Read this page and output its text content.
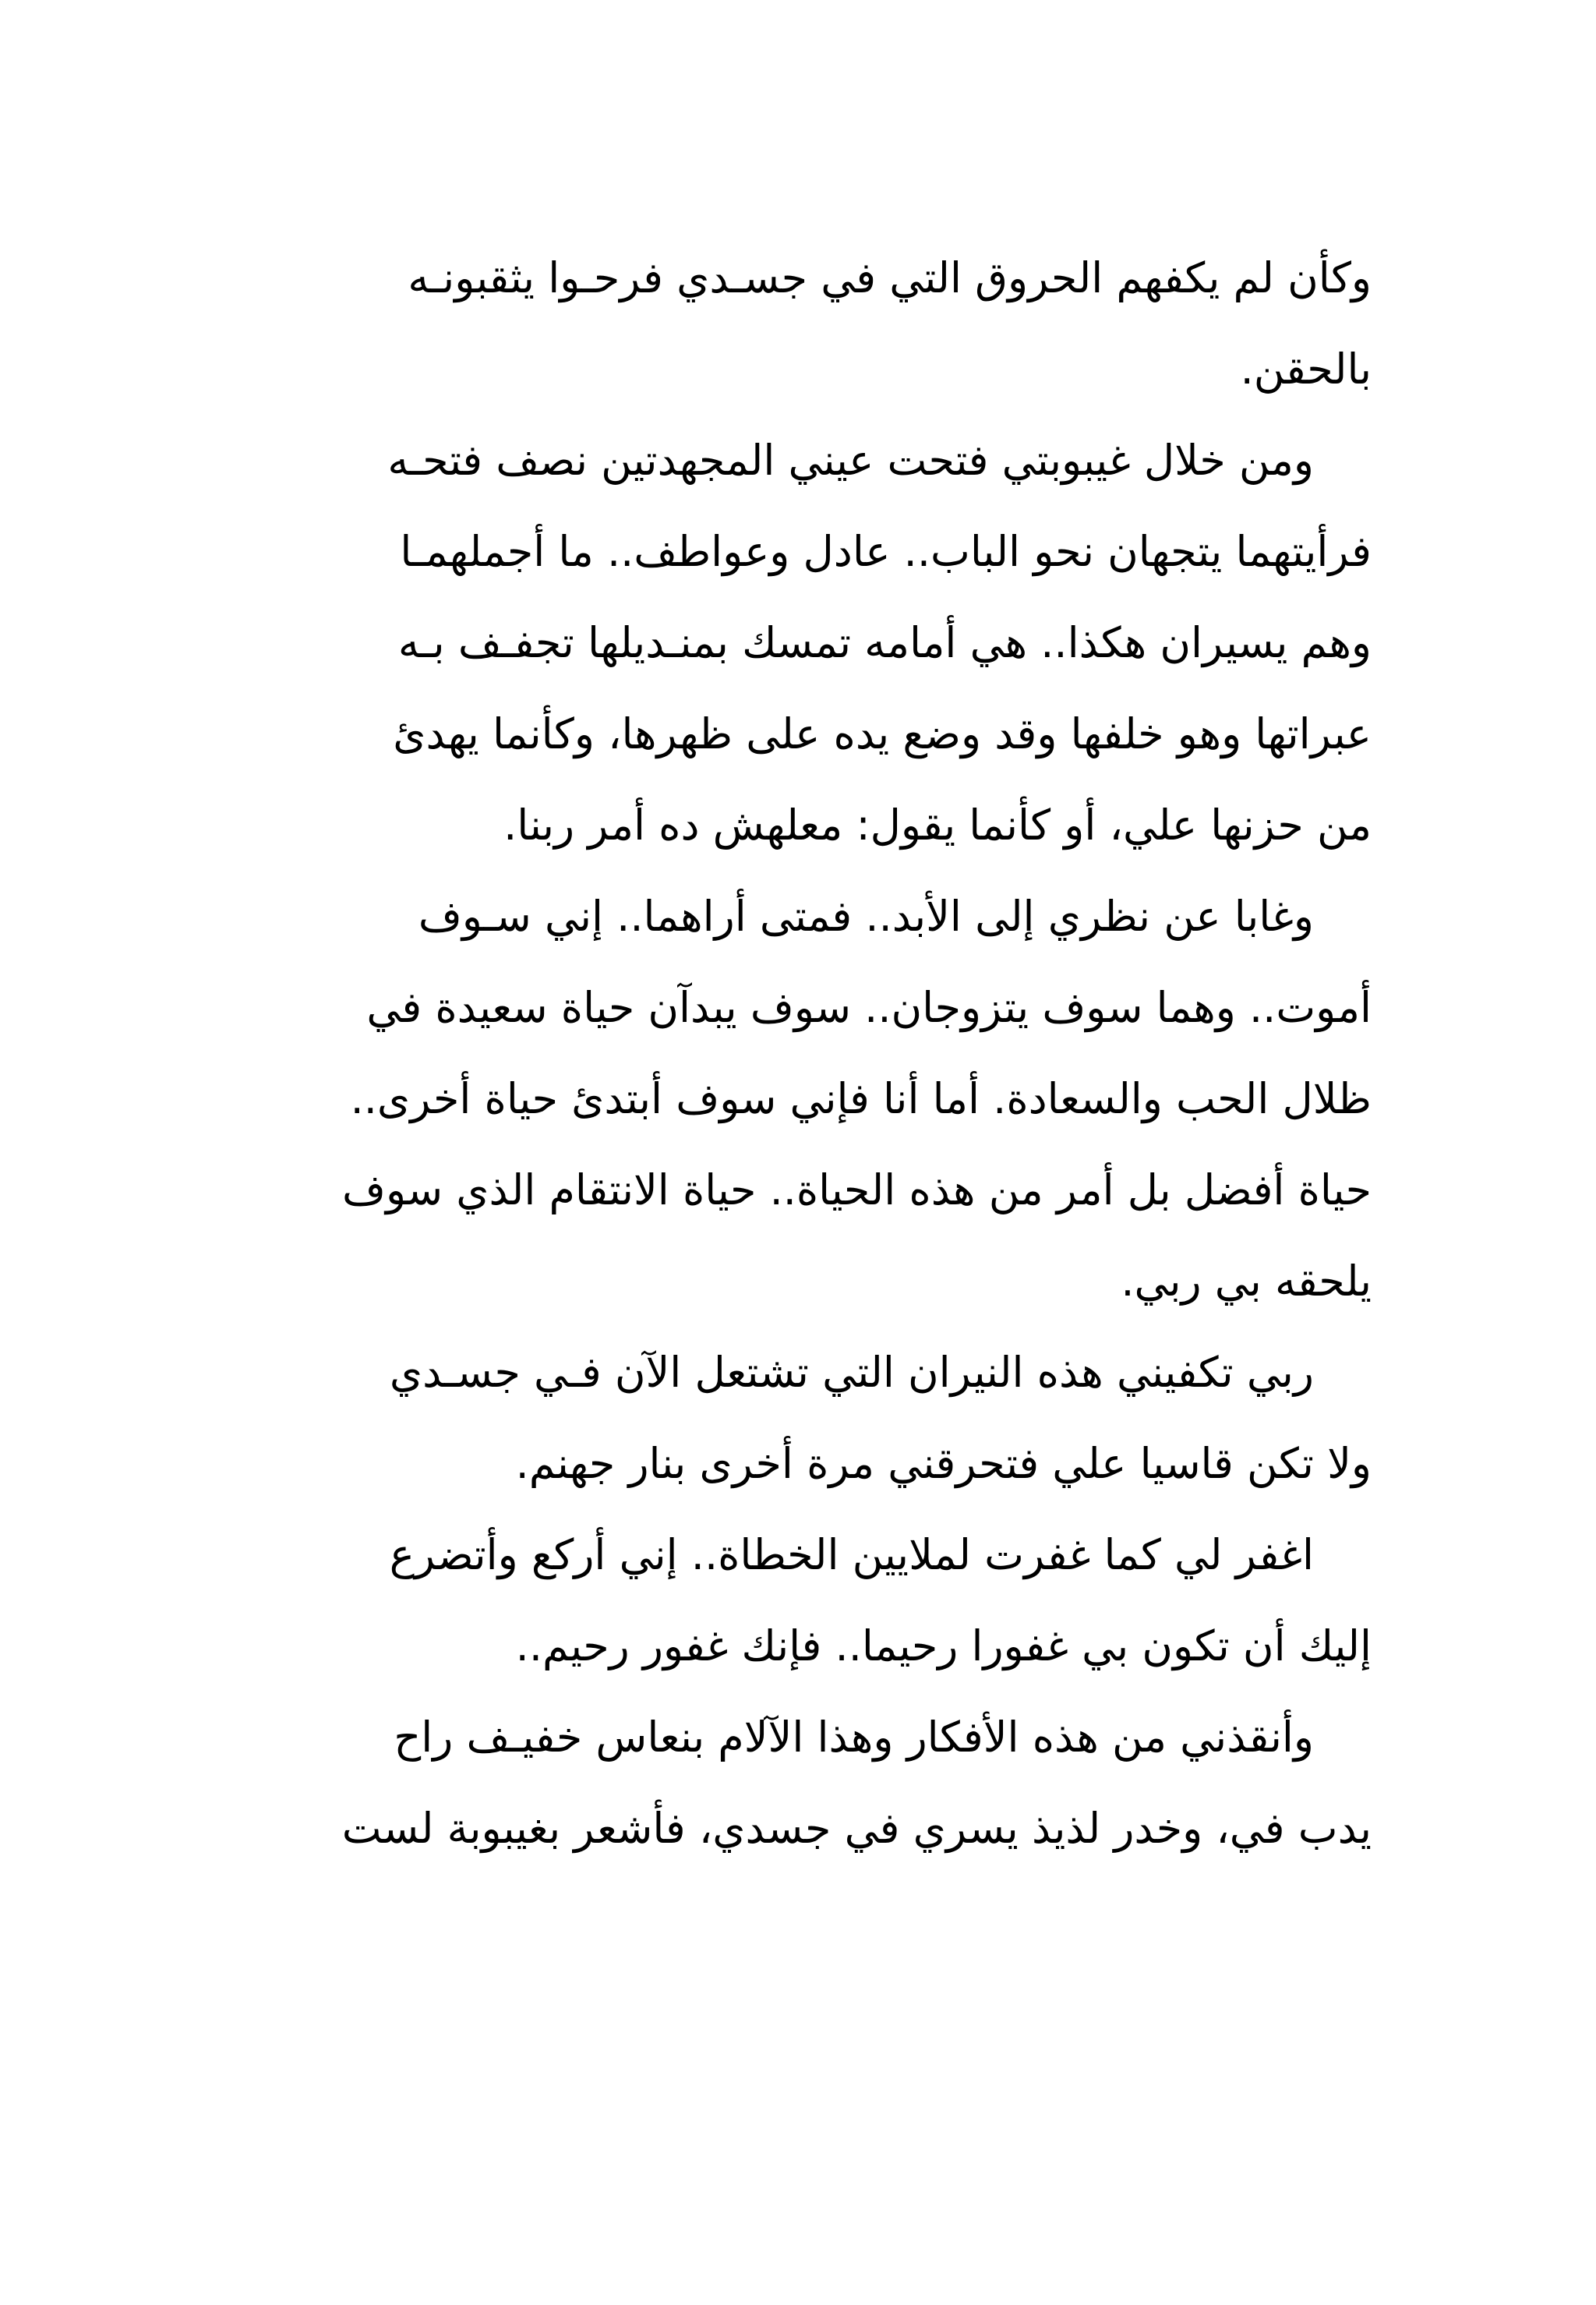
وكأن لم يكفهم الحروق التي في جسـدي فرحـوا يثقبونـه
بالحقن.
ومن خلال غيبوبتي فتحت عيني المجهدتين نصف فتحـه
فرأيتهما يتجهان نحو الباب.. عادل وعواطف.. ما أجملهمـا
وهم يسيران هكذا.. هي أمامه تمسك بمنـديلها تجفـف بـه
عبراتها وهو خلفها وقد وضع يده على ظهرها، وكأنما يهدئ
من حزنها علي، أو كأنما يقول: معلهش ده أمر ربنا.
وغابا عن نظري إلى الأبد.. فمتى أراهما.. إني سـوف
أموت.. وهما سوف يتزوجان.. سوف يبدآن حياة سعيدة في
ظلال الحب والسعادة. أما أنا فإني سوف أبتدئ حياة أخرى..
حياة أفضل بل أمر من هذه الحياة.. حياة الانتقام الذي سوف
يلحقه بي ربي.
ربي تكفيني هذه النيران التي تشتعل الآن فـي جسـدي
ولا تكن قاسيا علي فتحرقني مرة أخرى بنار جهنم.
اغفر لي كما غفرت لملايين الخطاة.. إني أركع وأتضرع
إليك أن تكون بي غفورا رحيما.. فإنك غفور رحيم..
وأنقذني من هذه الأفكار وهذا الآلام بنعاس خفيـف راح
يدب في، وخدر لذيذ يسري في جسدي، فأشعر بغيبوبة لست
